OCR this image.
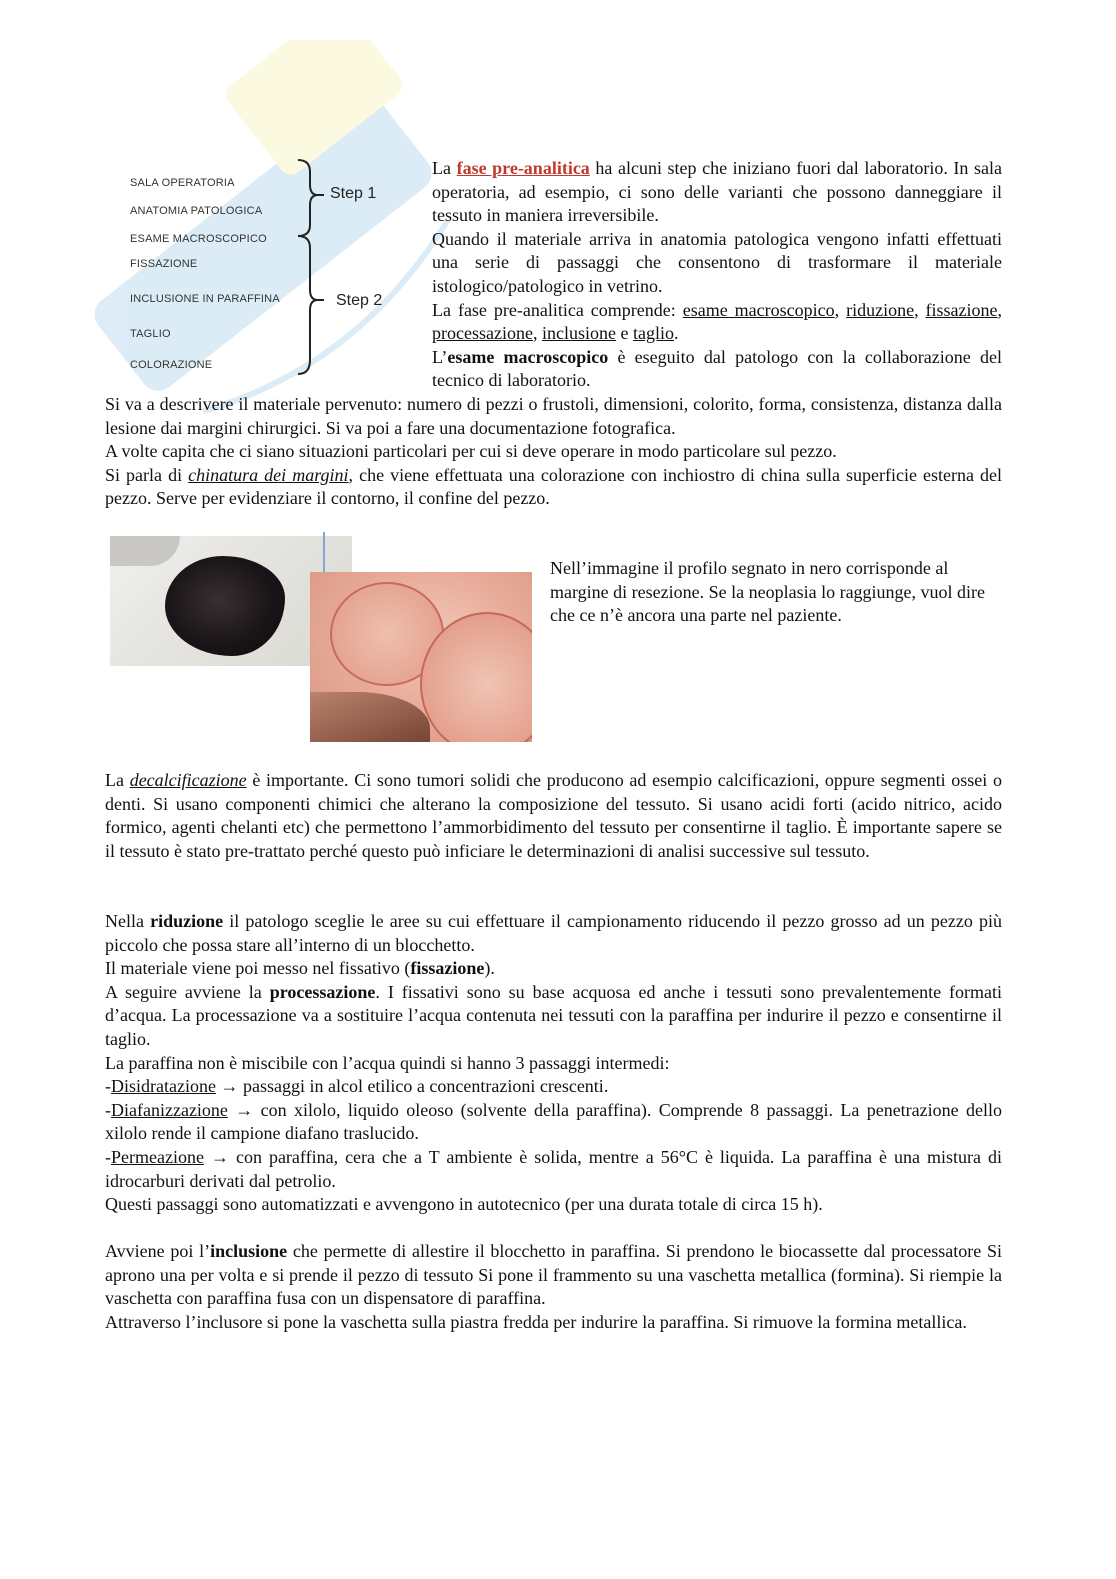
SALA OPERATORIA
ANATOMIA PATOLOGICA
ESAME MACROSCOPICO
FISSAZIONE
INCLUSIONE IN PARAFFINA
TAGLIO
COLORAZIONE
Step 1
Step 2

La fase pre-analitica ha alcuni step che iniziano fuori dal laboratorio. In sala operatoria, ad esempio, ci sono delle varianti che possono danneggiare il tessuto in maniera irreversibile.

Quando il materiale arriva in anatomia patologica vengono infatti effettuati una serie di passaggi che consentono di trasformare il materiale istologico/patologico in vetrino.

La fase pre-analitica comprende: esame macroscopico, riduzione, fissazione, processazione, inclusione e taglio.

L’esame macroscopico è eseguito dal patologo con la collaborazione del tecnico di laboratorio.

Si va a descrivere il materiale pervenuto: numero di pezzi o frustoli, dimensioni, colorito, forma, consistenza, distanza dalla lesione dai margini chirurgici. Si va poi a fare una documentazione fotografica.

A volte capita che ci siano situazioni particolari per cui si deve operare in modo particolare sul pezzo.

Si parla di chinatura dei margini, che viene effettuata una colorazione con inchiostro di china sulla superficie esterna del pezzo. Serve per evidenziare il contorno, il confine del pezzo.

Nell’immagine il profilo segnato in nero corrisponde al margine di resezione. Se la neoplasia lo raggiunge, vuol dire che ce n’è ancora una parte nel paziente.

La decalcificazione è importante. Ci sono tumori solidi che producono ad esempio calcificazioni, oppure segmenti ossei o denti. Si usano componenti chimici che alterano la composizione del tessuto. Si usano acidi forti (acido nitrico, acido formico, agenti chelanti etc) che permettono l’ammorbidimento del tessuto per consentirne il taglio. È importante sapere se il tessuto è stato pre-trattato perché questo può inficiare le determinazioni di analisi successive sul tessuto.

Nella riduzione il patologo sceglie le aree su cui effettuare il campionamento riducendo il pezzo grosso ad un pezzo più piccolo che possa stare all’interno di un blocchetto.

Il materiale viene poi messo nel fissativo (fissazione).

A seguire avviene la processazione. I fissativi sono su base acquosa ed anche i tessuti sono prevalentemente formati d’acqua. La processazione va a sostituire l’acqua contenuta nei tessuti con la paraffina per indurire il pezzo e consentirne il taglio.

La paraffina non è miscibile con l’acqua quindi si hanno 3 passaggi intermedi:

-Disidratazione → passaggi in alcol etilico a concentrazioni crescenti.

-Diafanizzazione → con xilolo, liquido oleoso (solvente della paraffina). Comprende 8 passaggi. La penetrazione dello xilolo rende il campione diafano traslucido.

-Permeazione → con paraffina, cera che a T ambiente è solida, mentre a 56°C è liquida. La paraffina è una mistura di idrocarburi derivati dal petrolio.

Questi passaggi sono automatizzati e avvengono in autotecnico (per una durata totale di circa 15 h).

Avviene poi l’inclusione che permette di allestire il blocchetto in paraffina. Si prendono le biocassette dal processatore Si aprono una per volta e si prende il pezzo di tessuto Si pone il frammento su una vaschetta metallica (formina). Si riempie la vaschetta con paraffina fusa con un dispensatore di paraffina.

Attraverso l’inclusore si pone la vaschetta sulla piastra fredda per indurire la paraffina. Si rimuove la formina metallica.
